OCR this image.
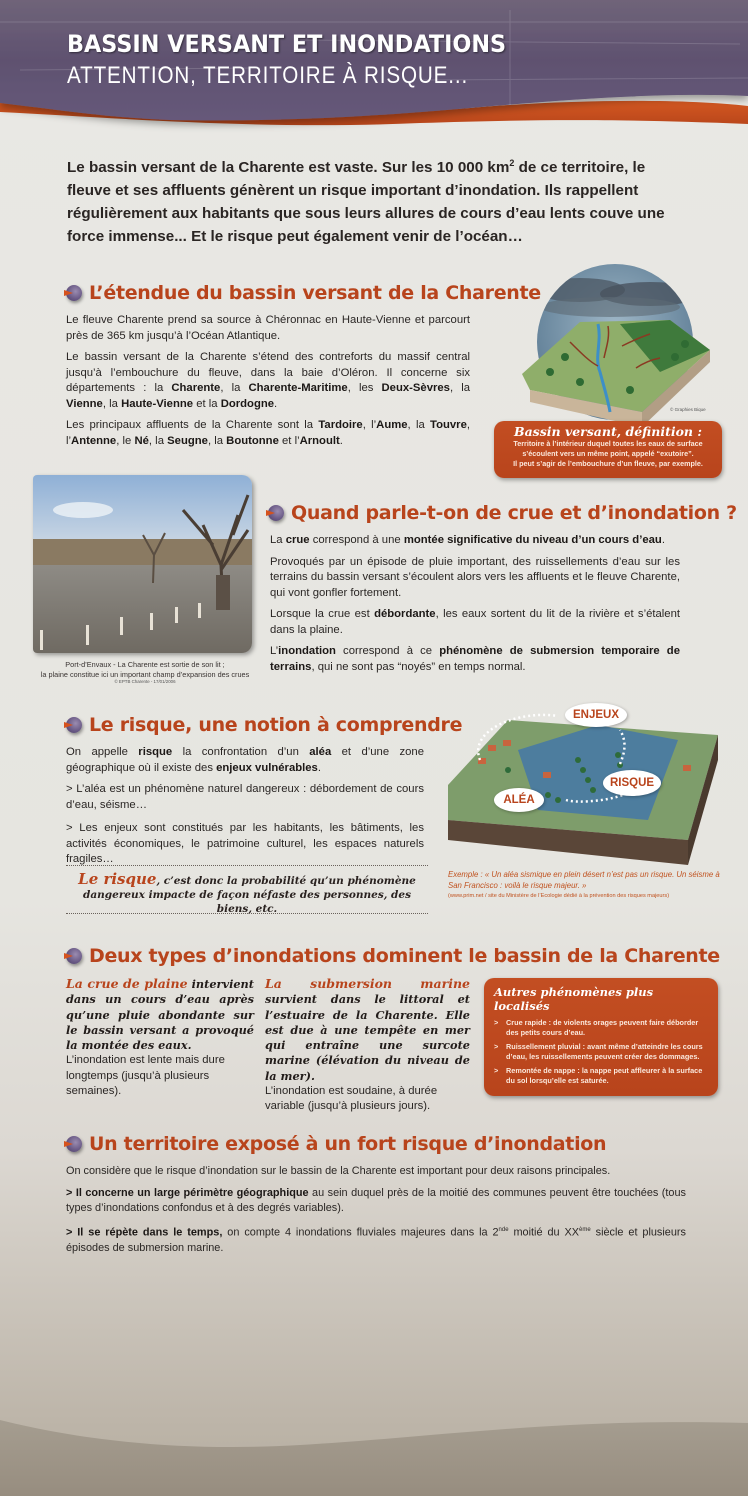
BASSIN VERSANT ET INONDATIONS
ATTENTION, TERRITOIRE À RISQUE...
Le bassin versant de la Charente est vaste. Sur les 10 000 $km^2$ de ce territoire, le fleuve et ses affluents génèrent un risque important d’inondation. Ils rappellent régulièrement aux habitants que sous leurs allures de cours d’eau lents couve une force immense... Et le risque peut également venir de l’océan…
L’étendue du bassin versant de la Charente

Le fleuve Charente prend sa source à Chéronnac en Haute-Vienne et parcourt près de 365 km jusqu’à l’Océan Atlantique.

Le bassin versant de la Charente s’étend des contreforts du massif central jusqu’à l’embouchure du fleuve, dans la baie d’Oléron. Il concerne six départements : la Charente, la Charente-Maritime, les Deux-Sèvres, la Vienne, la Haute-Vienne et la Dordogne.

Les principaux affluents de la Charente sont la Tardoire, l’Aume, la Touvre, l’Antenne, le Né, la Seugne, la Boutonne et l’Arnoult.

© Graphies Bique
Bassin versant, définition :
Territoire à l’intérieur duquel toutes les eaux de surface
s’écoulent vers un même point, appelé “exutoire”.
Il peut s’agir de l’embouchure d’un fleuve, par exemple.
Port-d’Envaux - La Charente est sortie de son lit ;
la plaine constitue ici un important champ d’expansion des crues
© EPTB Charente - 17/01/2006
Quand parle-t-on de crue et d’inondation ?

La crue correspond à une montée significative du niveau d’un cours d’eau.

Provoqués par un épisode de pluie important, des ruissellements d’eau sur les terrains du bassin versant s’écoulent alors vers les affluents et le fleuve Charente, qui vont gonfler fortement.

Lorsque la crue est débordante, les eaux sortent du lit de la rivière et s’étalent dans la plaine.

L’inondation correspond à ce phénomène de submersion temporaire de terrains, qui ne sont pas “noyés” en temps normal.

Le risque, une notion à comprendre

On appelle risque la confrontation d’un aléa et d’une zone géographique où il existe des enjeux vulnérables.

> L’aléa est un phénomène naturel dangereux : débordement de cours d’eau, séisme…

> Les enjeux sont constitués par les habitants, les bâtiments, les activités économiques, le patrimoine culturel, les espaces naturels fragiles…

Le risque, c’est donc la probabilité qu’un phénomène dangereux impacte de façon néfaste des personnes, des biens, etc.
ENJEUX
RISQUE
ALÉA
Exemple : « Un aléa sismique en plein désert n’est pas un risque. Un séisme à San Francisco : voilà le risque majeur. »
(www.prim.net / site du Ministère de l’Ecologie dédié à la prévention des risques majeurs)
Deux types d’inondations dominent le bassin de la Charente
La crue de plaine intervient dans un cours d’eau après qu’une pluie abondante sur le bassin versant a provoqué la montée des eaux.
L’inondation est lente mais dure longtemps (jusqu’à plusieurs semaines).
La submersion marine survient dans le littoral et l’estuaire de la Charente. Elle est due à une tempête en mer qui entraîne une surcote marine (élévation du niveau de la mer).
L’inondation est soudaine, à durée variable (jusqu’à plusieurs jours).
Autres phénomènes plus localisés
>	Crue rapide : de violents orages peuvent faire déborder des petits cours d’eau.
>	Ruissellement pluvial : avant même d’atteindre les cours d’eau, les ruissellements peuvent créer des dommages.
>	Remontée de nappe : la nappe peut affleurer à la surface du sol lorsqu’elle est saturée.
Un territoire exposé à un fort risque d’inondation

On considère que le risque d’inondation sur le bassin de la Charente est important pour deux raisons principales.

> Il concerne un large périmètre géographique au sein duquel près de la moitié des communes peuvent être touchées (tous types d’inondations confondus et à des degrés variables).

> Il se répète dans le temps, on compte 4 inondations fluviales majeures dans la 2nde moitié du XXème siècle et plusieurs épisodes de submersion marine.
